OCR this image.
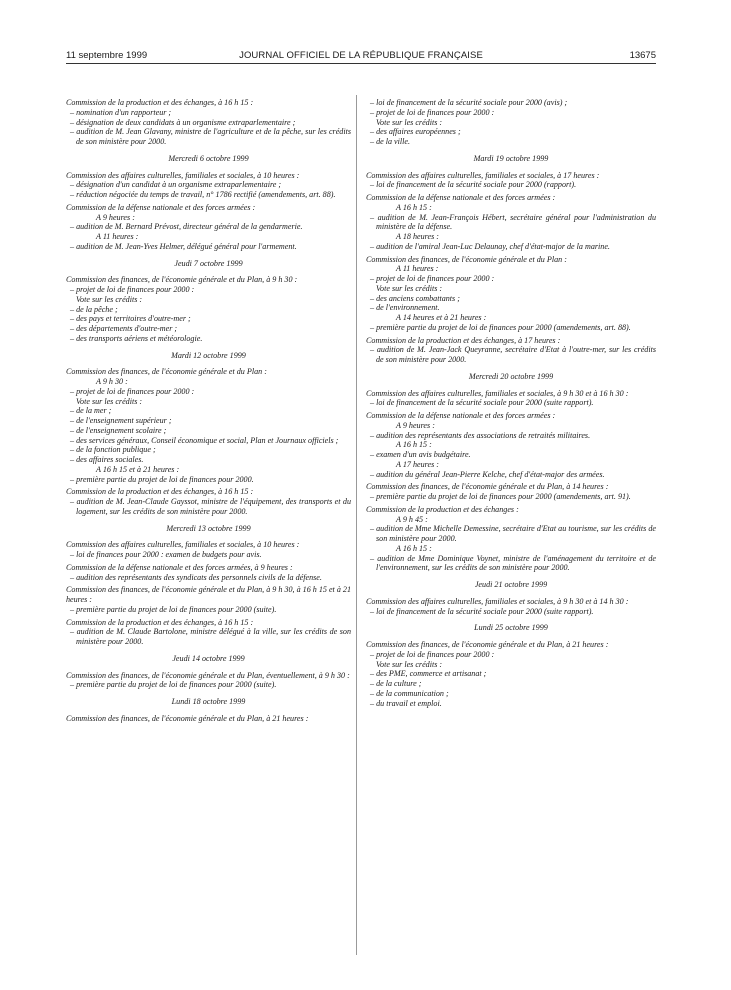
11 septembre 1999	JOURNAL OFFICIEL DE LA RÉPUBLIQUE FRANÇAISE	13675
Commission de la production et des échanges, à 16 h 15 :
– nomination d'un rapporteur ;
– désignation de deux candidats à un organisme extraparlementaire ;
– audition de M. Jean Glavany, ministre de l'agriculture et de la pêche, sur les crédits de son ministère pour 2000.
Mercredi 6 octobre 1999
Commission des affaires culturelles, familiales et sociales, à 10 heures :
– désignation d'un candidat à un organisme extraparlementaire ;
– réduction négociée du temps de travail, n° 1786 rectifié (amendements, art. 88).
Commission de la défense nationale et des forces armées :
A 9 heures :
– audition de M. Bernard Prévost, directeur général de la gendarmerie.
A 11 heures :
– audition de M. Jean-Yves Helmer, délégué général pour l'armement.
Jeudi 7 octobre 1999
Commission des finances, de l'économie générale et du Plan, à 9 h 30 :
– projet de loi de finances pour 2000 :
Vote sur les crédits :
– de la pêche ;
– des pays et territoires d'outre-mer ;
– des départements d'outre-mer ;
– des transports aériens et météorologie.
Mardi 12 octobre 1999
Commission des finances, de l'économie générale et du Plan :
A 9 h 30 :
– projet de loi de finances pour 2000 :
Vote sur les crédits :
– de la mer ;
– de l'enseignement supérieur ;
– de l'enseignement scolaire ;
– des services généraux, Conseil économique et social, Plan et Journaux officiels ;
– de la fonction publique ;
– des affaires sociales.
A 16 h 15 et à 21 heures :
– première partie du projet de loi de finances pour 2000.
Commission de la production et des échanges, à 16 h 15 :
– audition de M. Jean-Claude Gayssot, ministre de l'équipement, des transports et du logement, sur les crédits de son ministère pour 2000.
Mercredi 13 octobre 1999
Commission des affaires culturelles, familiales et sociales, à 10 heures :
– loi de finances pour 2000 : examen de budgets pour avis.
Commission de la défense nationale et des forces armées, à 9 heures :
– audition des représentants des syndicats des personnels civils de la défense.
Commission des finances, de l'économie générale et du Plan, à 9 h 30, à 16 h 15 et à 21 heures :
– première partie du projet de loi de finances pour 2000 (suite).
Commission de la production et des échanges, à 16 h 15 :
– audition de M. Claude Bartolone, ministre délégué à la ville, sur les crédits de son ministère pour 2000.
Jeudi 14 octobre 1999
Commission des finances, de l'économie générale et du Plan, éventuellement, à 9 h 30 :
– première partie du projet de loi de finances pour 2000 (suite).
Lundi 18 octobre 1999
Commission des finances, de l'économie générale et du Plan, à 21 heures :
– loi de financement de la sécurité sociale pour 2000 (avis) ;
– projet de loi de finances pour 2000 :
Vote sur les crédits :
– des affaires européennes ;
– de la ville.
Mardi 19 octobre 1999
Commission des affaires culturelles, familiales et sociales, à 17 heures :
– loi de financement de la sécurité sociale pour 2000 (rapport).
Commission de la défense nationale et des forces armées :
A 16 h 15 :
– audition de M. Jean-François Hébert, secrétaire général pour l'administration du ministère de la défense.
A 18 heures :
– audition de l'amiral Jean-Luc Delaunay, chef d'état-major de la marine.
Commission des finances, de l'économie générale et du Plan :
A 11 heures :
– projet de loi de finances pour 2000 :
Vote sur les crédits :
– des anciens combattants ;
– de l'environnement.
A 14 heures et à 21 heures :
– première partie du projet de loi de finances pour 2000 (amendements, art. 88).
Commission de la production et des échanges, à 17 heures :
– audition de M. Jean-Jack Queyranne, secrétaire d'Etat à l'outre-mer, sur les crédits de son ministère pour 2000.
Mercredi 20 octobre 1999
Commission des affaires culturelles, familiales et sociales, à 9 h 30 et à 16 h 30 :
– loi de financement de la sécurité sociale pour 2000 (suite rapport).
Commission de la défense nationale et des forces armées :
A 9 heures :
– audition des représentants des associations de retraités militaires.
A 16 h 15 :
– examen d'un avis budgétaire.
A 17 heures :
– audition du général Jean-Pierre Kelche, chef d'état-major des armées.
Commission des finances, de l'économie générale et du Plan, à 14 heures :
– première partie du projet de loi de finances pour 2000 (amendements, art. 91).
Commission de la production et des échanges :
A 9 h 45 :
– audition de Mme Michelle Demessine, secrétaire d'Etat au tourisme, sur les crédits de son ministère pour 2000.
A 16 h 15 :
– audition de Mme Dominique Voynet, ministre de l'aménagement du territoire et de l'environnement, sur les crédits de son ministère pour 2000.
Jeudi 21 octobre 1999
Commission des affaires culturelles, familiales et sociales, à 9 h 30 et à 14 h 30 :
– loi de financement de la sécurité sociale pour 2000 (suite rapport).
Lundi 25 octobre 1999
Commission des finances, de l'économie générale et du Plan, à 21 heures :
– projet de loi de finances pour 2000 :
Vote sur les crédits :
– des PME, commerce et artisanat ;
– de la culture ;
– de la communication ;
– du travail et emploi.
